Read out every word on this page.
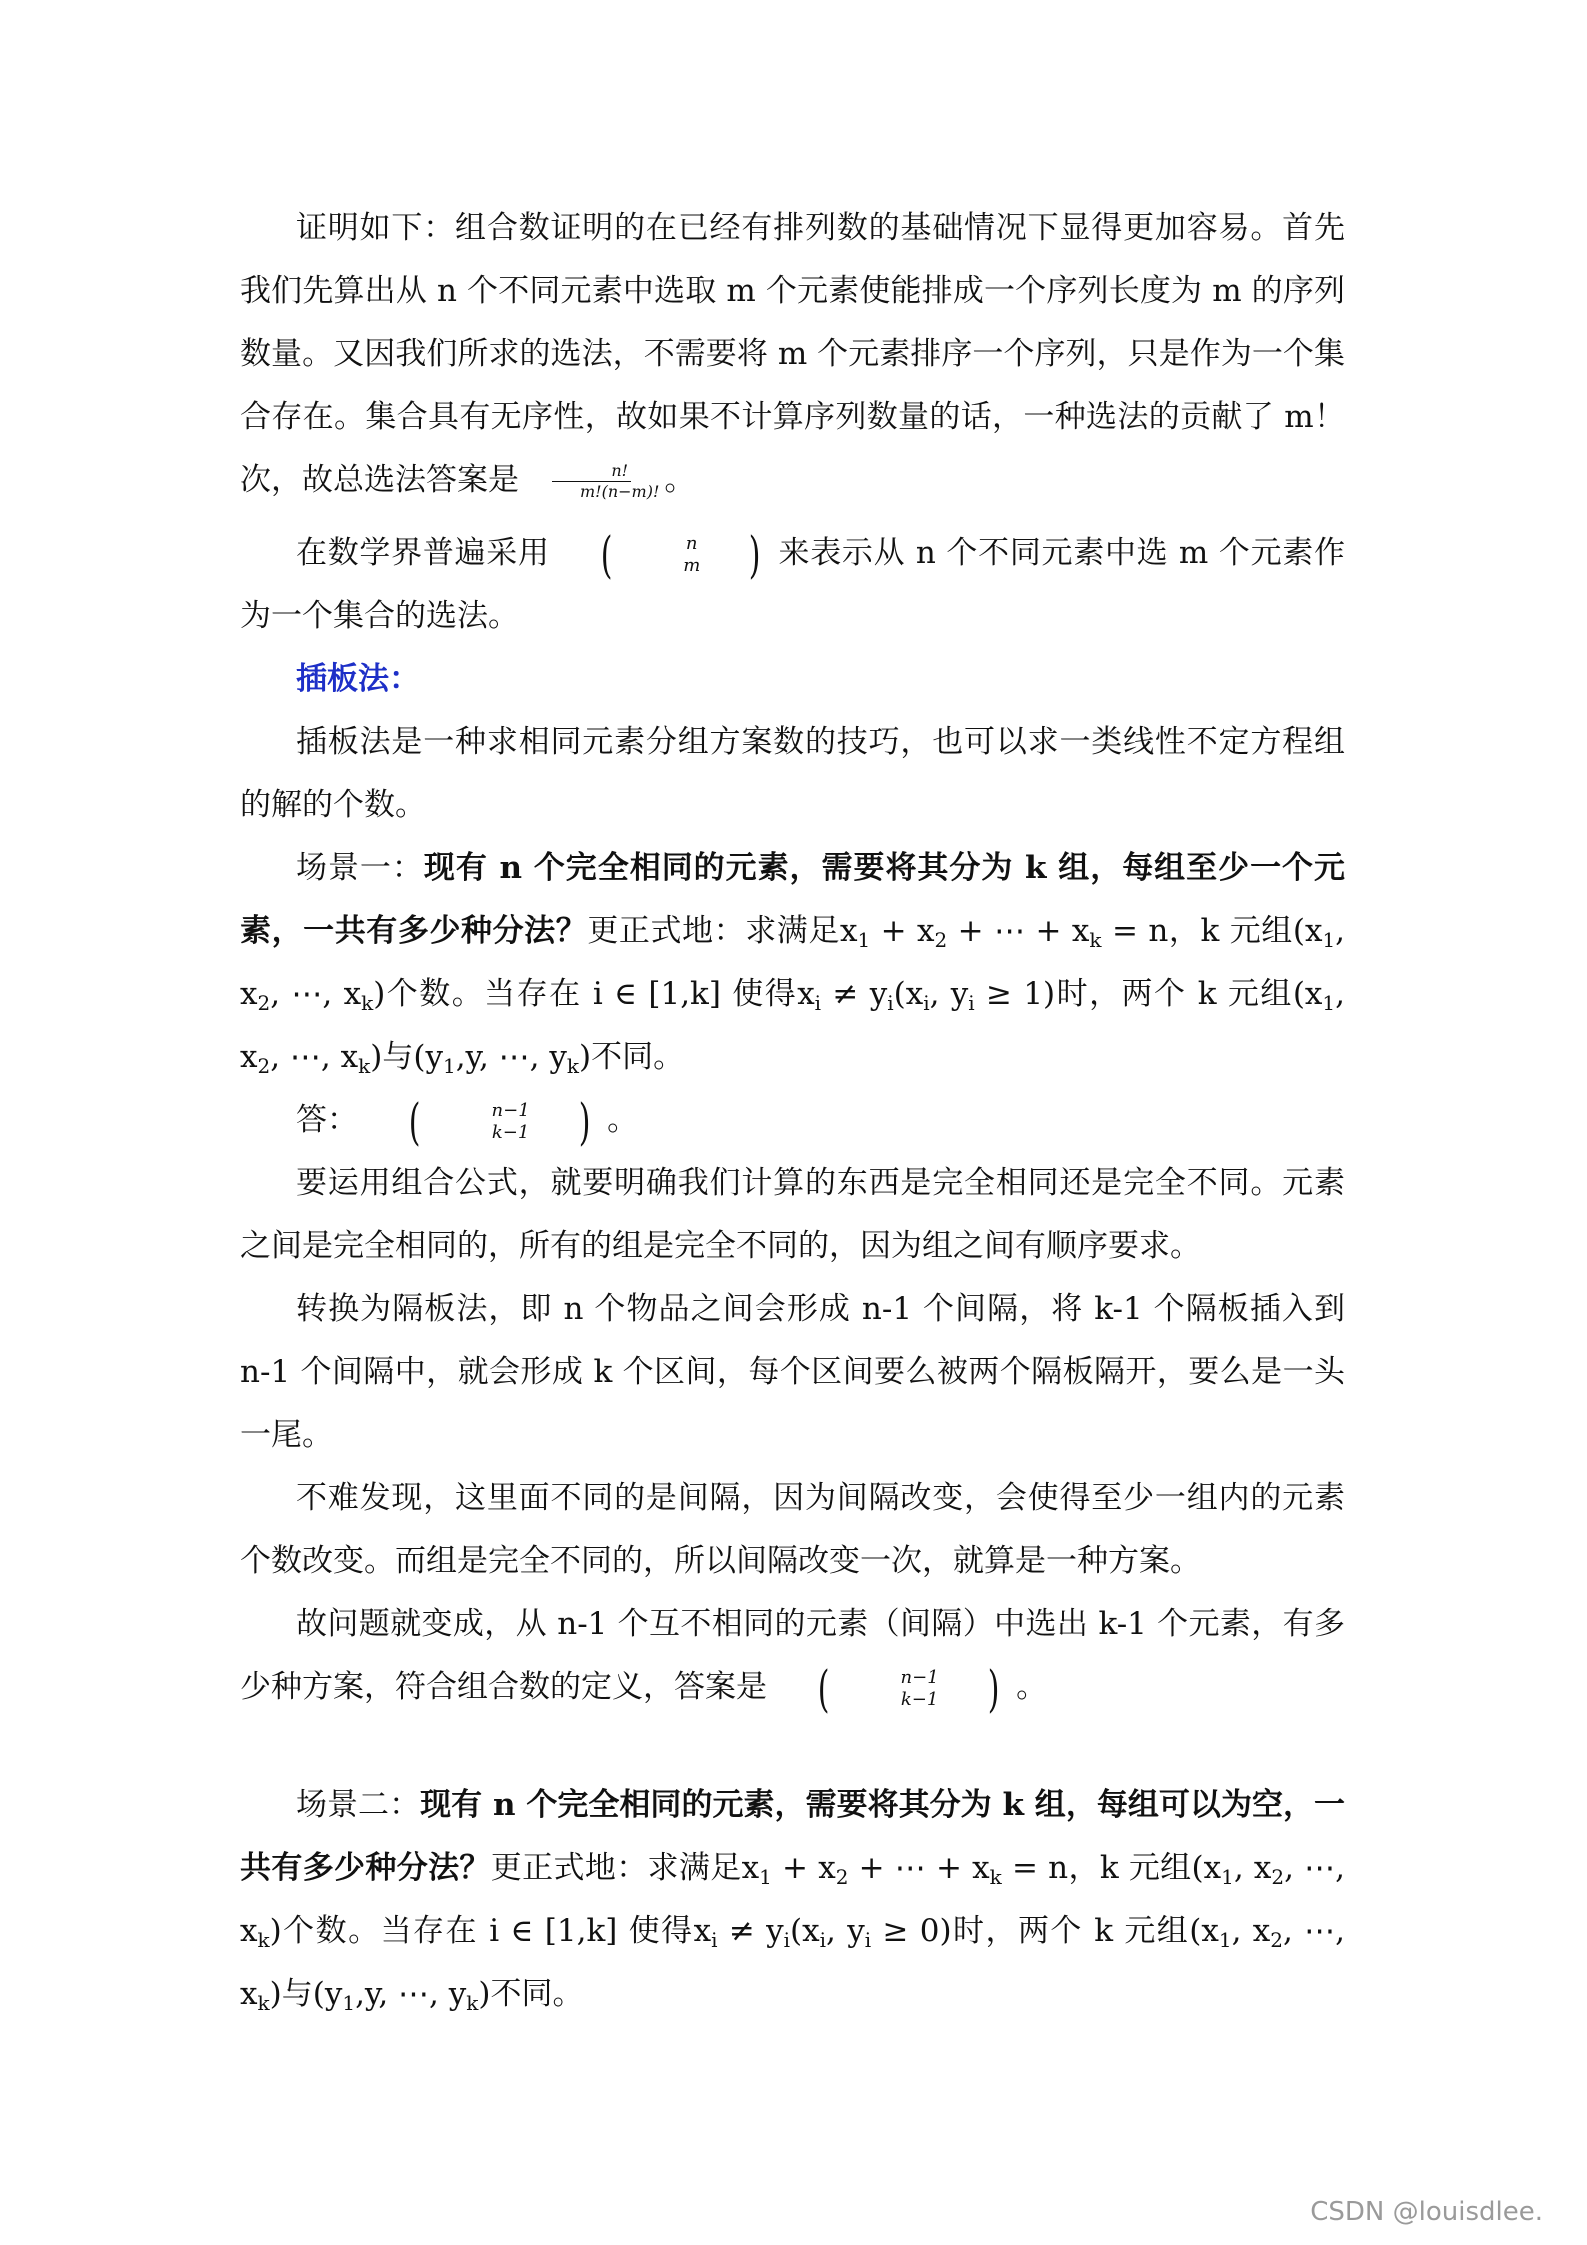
证明如下：组合数证明的在已经有排列数的基础情况下显得更加容易。首先我们先算出从 n 个不同元素中选取 m 个元素使能排成一个序列长度为 m 的序列数量。又因我们所求的选法，不需要将 m 个元素排序一个序列，只是作为一个集合存在。集合具有无序性，故如果不计算序列数量的话，一种选法的贡献了 m！次，故总选法答案是 $\frac{n!}{m!(n-m)!}$ 。

在数学界普遍采用	(	n
m ) 来表示从 n 个不同元素中选 m 个元素作为一个集合的选法。

插板法：

插板法是一种求相同元素分组方案数的技巧，也可以求一类线性不定方程组的解的个数。

场景一：现有 n 个完全相同的元素，需要将其分为 k 组，每组至少一个元素，一共有多少种分法？更正式地：求满足$x_1 + x_2$ + ⋯ + $x_k = n$，k 元组($x_1$, $x_2$, ⋯, $x_k$)个数。当存在 i ∈ [1,k] 使得$x_i \ne y_i(x_i$, $y_i \ge 1$)时，两个 k 元组($x_1$, $x_2$, ⋯, $x_k$)与($y_1,y$, ⋯, $y_k$)不同。

答：	(	n−1
k−1 ) 。

要运用组合公式，就要明确我们计算的东西是完全相同还是完全不同。元素之间是完全相同的，所有的组是完全不同的，因为组之间有顺序要求。

转换为隔板法，即 n 个物品之间会形成 n-1 个间隔，将 k-1 个隔板插入到 n-1 个间隔中，就会形成 k 个区间，每个区间要么被两个隔板隔开，要么是一头一尾。

不难发现，这里面不同的是间隔，因为间隔改变，会使得至少一组内的元素个数改变。而组是完全不同的，所以间隔改变一次，就算是一种方案。

故问题就变成，从 n-1 个互不相同的元素（间隔）中选出 k-1 个元素，有多少种方案，符合组合数的定义，答案是	(	n−1
k−1 ) 。

场景二：现有 n 个完全相同的元素，需要将其分为 k 组，每组可以为空，一共有多少种分法？更正式地：求满足$x_1 + x_2$ + ⋯ + $x_k = n$，k 元组($x_1$, $x_2$, ⋯, $x_k$)个数。当存在 i ∈ [1,k] 使得$x_i \ne y_i(x_i$, $y_i \ge 0$)时，两个 k 元组($x_1$, $x_2$, ⋯, $x_k$)与($y_1,y$, ⋯, $y_k$)不同。

CSDN @louisdlee.
